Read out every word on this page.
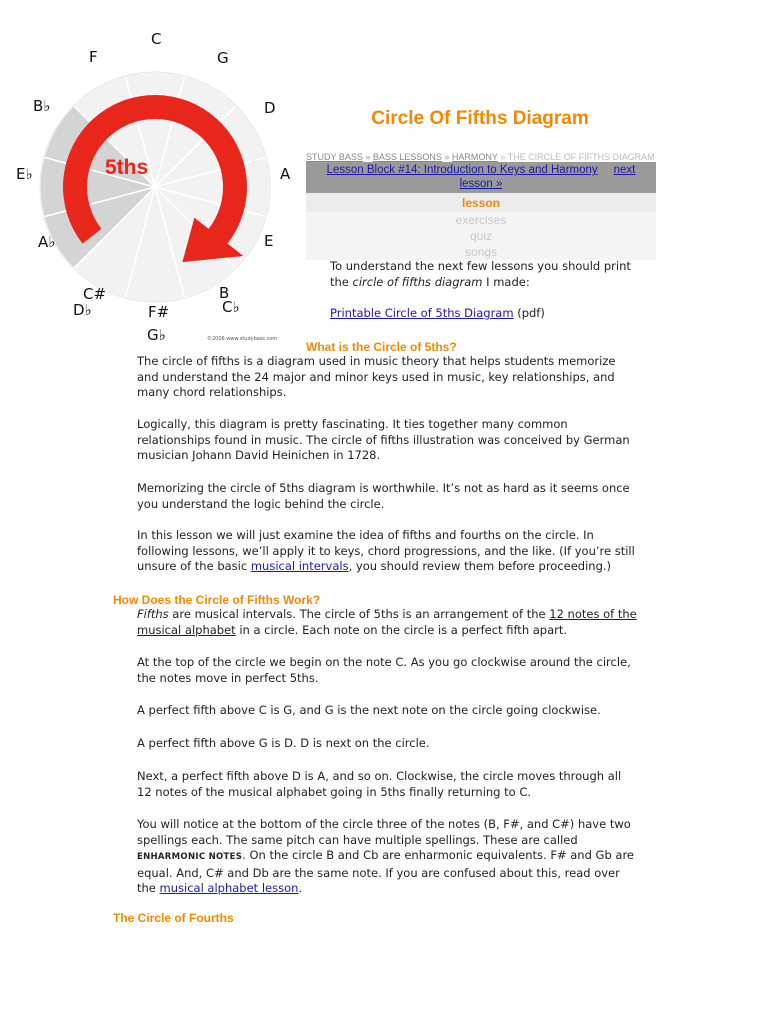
5ths
C
G
D
A
E
B
C♭
F#
G♭
C#
D♭
A♭
E♭
B♭
F
©2006 www.studybass.com
Circle Of Fifths Diagram
STUDY BASS » BASS LESSONS » HARMONY » THE CIRCLE OF FIFTHS DIAGRAM
Lesson Block #14: Introduction to Keys and Harmony : : next lesson »
lesson
exercises
quiz
songs
To understand the next few lessons you should print
the circle of fifths diagram I made:
Printable Circle of 5ths Diagram (pdf)
What is the Circle of 5ths?
The circle of fifths is a diagram used in music theory that helps students memorize and understand the 24 major and minor keys used in music, key relationships, and many chord relationships.
Logically, this diagram is pretty fascinating. It ties together many common relationships found in music. The circle of fifths illustration was conceived by German musician Johann David Heinichen in 1728.
Memorizing the circle of 5ths diagram is worthwhile. It’s not as hard as it seems once you understand the logic behind the circle.
In this lesson we will just examine the idea of fifths and fourths on the circle. In following lessons, we’ll apply it to keys, chord progressions, and the like. (If you’re still unsure of the basic musical intervals, you should review them before proceeding.)
How Does the Circle of Fifths Work?
Fifths are musical intervals. The circle of 5ths is an arrangement of the 12 notes of the musical alphabet in a circle. Each note on the circle is a perfect fifth apart.
At the top of the circle we begin on the note C. As you go clockwise around the circle, the notes move in perfect 5ths.
A perfect fifth above C is G, and G is the next note on the circle going clockwise.
A perfect fifth above G is D. D is next on the circle.
Next, a perfect fifth above D is A, and so on. Clockwise, the circle moves through all 12 notes of the musical alphabet going in 5ths finally returning to C.
You will notice at the bottom of the circle three of the notes (B, F#, and C#) have two spellings each. The same pitch can have multiple spellings. These are called ENHARMONIC NOTES. On the circle B and Cb are enharmonic equivalents. F# and Gb are equal. And, C# and Db are the same note. If you are confused about this, read over the musical alphabet lesson.
The Circle of Fourths
